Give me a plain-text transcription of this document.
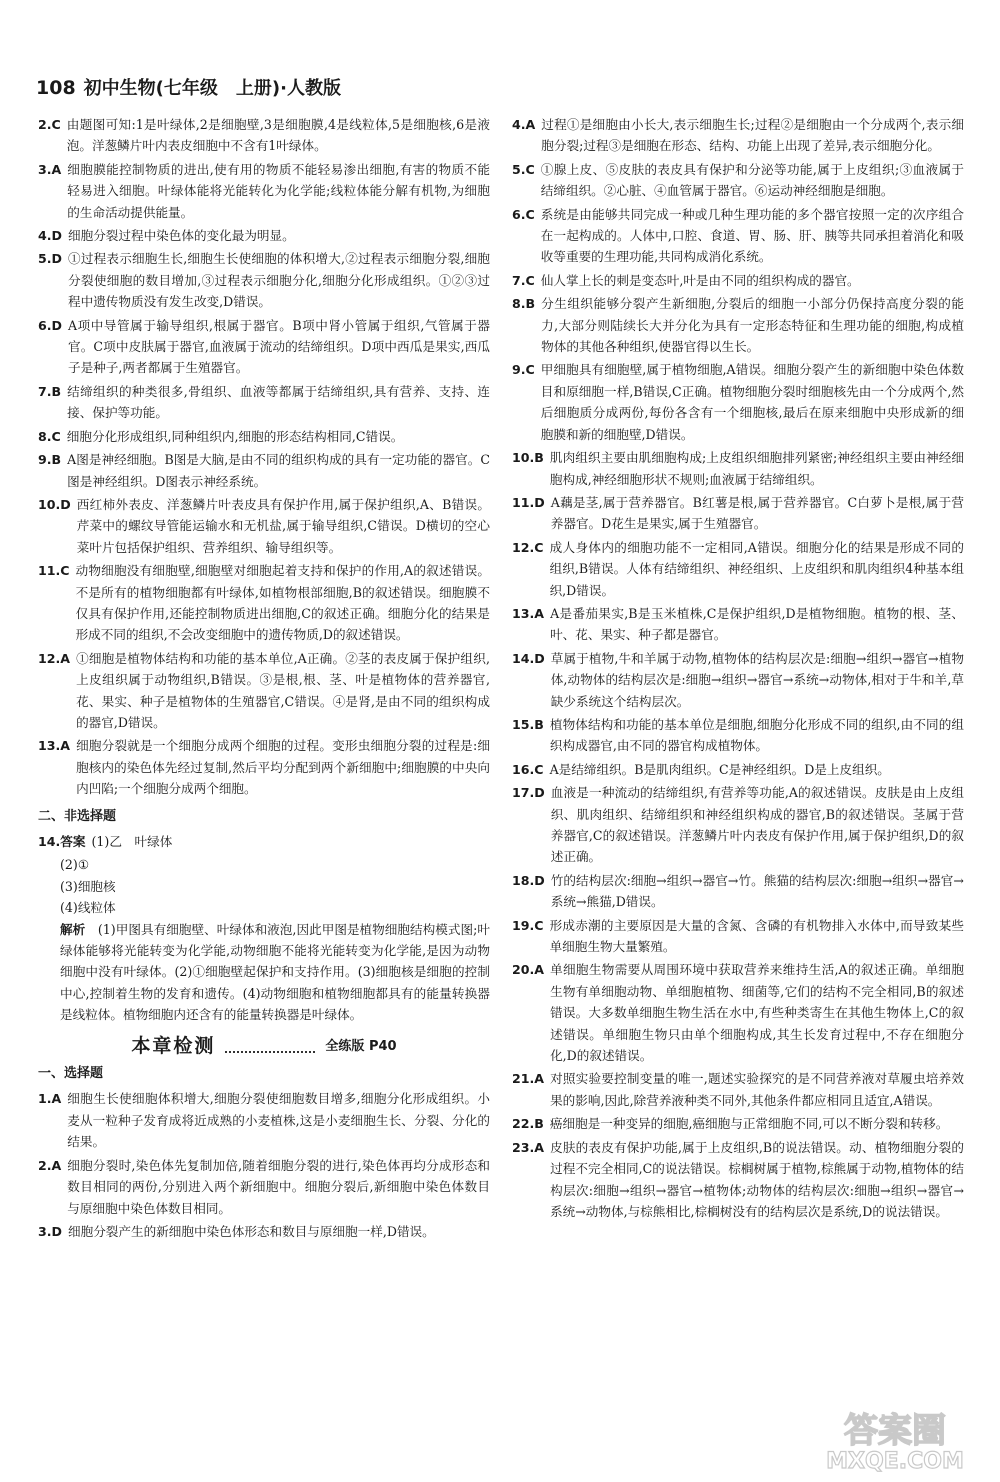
108 初中生物(七年级　上册)·人教版
2.C 由题图可知:1是叶绿体,2是细胞壁,3是细胞膜,4是线粒体,5是细胞核,6是液泡。洋葱鳞片叶内表皮细胞中不含有1叶绿体。
3.A 细胞膜能控制物质的进出,使有用的物质不能轻易渗出细胞,有害的物质不能轻易进入细胞。叶绿体能将光能转化为化学能;线粒体能分解有机物,为细胞的生命活动提供能量。
4.D 细胞分裂过程中染色体的变化最为明显。
5.D ①过程表示细胞生长,细胞生长使细胞的体积增大,②过程表示细胞分裂,细胞分裂使细胞的数目增加,③过程表示细胞分化,细胞分化形成组织。①②③过程中遗传物质没有发生改变,D错误。
6.D A项中导管属于输导组织,根属于器官。B项中肾小管属于组织,气管属于器官。C项中皮肤属于器官,血液属于流动的结缔组织。D项中西瓜是果实,西瓜子是种子,两者都属于生殖器官。
7.B 结缔组织的种类很多,骨组织、血液等都属于结缔组织,具有营养、支持、连接、保护等功能。
8.C 细胞分化形成组织,同种组织内,细胞的形态结构相同,C错误。
9.B A图是神经细胞。B图是大脑,是由不同的组织构成的具有一定功能的器官。C图是神经组织。D图表示神经系统。
10.D 西红柿外表皮、洋葱鳞片叶表皮具有保护作用,属于保护组织,A、B错误。芹菜中的螺纹导管能运输水和无机盐,属于输导组织,C错误。D横切的空心菜叶片包括保护组织、营养组织、输导组织等。
11.C 动物细胞没有细胞壁,细胞壁对细胞起着支持和保护的作用,A的叙述错误。不是所有的植物细胞都有叶绿体,如植物根部细胞,B的叙述错误。细胞膜不仅具有保护作用,还能控制物质进出细胞,C的叙述正确。细胞分化的结果是形成不同的组织,不会改变细胞中的遗传物质,D的叙述错误。
12.A ①细胞是植物体结构和功能的基本单位,A正确。②茎的表皮属于保护组织,上皮组织属于动物组织,B错误。③是根,根、茎、叶是植物体的营养器官,花、果实、种子是植物体的生殖器官,C错误。④是肾,是由不同的组织构成的器官,D错误。
13.A 细胞分裂就是一个细胞分成两个细胞的过程。变形虫细胞分裂的过程是:细胞核内的染色体先经过复制,然后平均分配到两个新细胞中;细胞膜的中央向内凹陷;一个细胞分成两个细胞。
二、非选择题
14.答案 (1)乙　叶绿体
(2)①
(3)细胞核
(4)线粒体
解析　 (1)甲图具有细胞壁、叶绿体和液泡,因此甲图是植物细胞结构模式图;叶绿体能够将光能转变为化学能,动物细胞不能将光能转变为化学能,是因为动物细胞中没有叶绿体。(2)①细胞壁起保护和支持作用。(3)细胞核是细胞的控制中心,控制着生物的发育和遗传。(4)动物细胞和植物细胞都具有的能量转换器是线粒体。植物细胞内还含有的能量转换器是叶绿体。
本章检测	全练版 P40
一、选择题
1.A 细胞生长使细胞体积增大,细胞分裂使细胞数目增多,细胞分化形成组织。小麦从一粒种子发育成将近成熟的小麦植株,这是小麦细胞生长、分裂、分化的结果。
2.A 细胞分裂时,染色体先复制加倍,随着细胞分裂的进行,染色体再均分成形态和数目相同的两份,分别进入两个新细胞中。细胞分裂后,新细胞中染色体数目与原细胞中染色体数目相同。
3.D 细胞分裂产生的新细胞中染色体形态和数目与原细胞一样,D错误。
4.A 过程①是细胞由小长大,表示细胞生长;过程②是细胞由一个分成两个,表示细胞分裂;过程③是细胞在形态、结构、功能上出现了差异,表示细胞分化。
5.C ①腺上皮、⑤皮肤的表皮具有保护和分泌等功能,属于上皮组织;③血液属于结缔组织。②心脏、④血管属于器官。⑥运动神经细胞是细胞。
6.C 系统是由能够共同完成一种或几种生理功能的多个器官按照一定的次序组合在一起构成的。人体中,口腔、食道、胃、肠、肝、胰等共同承担着消化和吸收等重要的生理功能,共同构成消化系统。
7.C 仙人掌上长的刺是变态叶,叶是由不同的组织构成的器官。
8.B 分生组织能够分裂产生新细胞,分裂后的细胞一小部分仍保持高度分裂的能力,大部分则陆续长大并分化为具有一定形态特征和生理功能的细胞,构成植物体的其他各种组织,使器官得以生长。
9.C 甲细胞具有细胞壁,属于植物细胞,A错误。细胞分裂产生的新细胞中染色体数目和原细胞一样,B错误,C正确。植物细胞分裂时细胞核先由一个分成两个,然后细胞质分成两份,每份各含有一个细胞核,最后在原来细胞中央形成新的细胞膜和新的细胞壁,D错误。
10.B 肌肉组织主要由肌细胞构成;上皮组织细胞排列紧密;神经组织主要由神经细胞构成,神经细胞形状不规则;血液属于结缔组织。
11.D A藕是茎,属于营养器官。B红薯是根,属于营养器官。C白萝卜是根,属于营养器官。D花生是果实,属于生殖器官。
12.C 成人身体内的细胞功能不一定相同,A错误。细胞分化的结果是形成不同的组织,B错误。人体有结缔组织、神经组织、上皮组织和肌肉组织4种基本组织,D错误。
13.A A是番茄果实,B是玉米植株,C是保护组织,D是植物细胞。植物的根、茎、叶、花、果实、种子都是器官。
14.D 草属于植物,牛和羊属于动物,植物体的结构层次是:细胞→组织→器官→植物体,动物体的结构层次是:细胞→组织→器官→系统→动物体,相对于牛和羊,草缺少系统这个结构层次。
15.B 植物体结构和功能的基本单位是细胞,细胞分化形成不同的组织,由不同的组织构成器官,由不同的器官构成植物体。
16.C A是结缔组织。B是肌肉组织。C是神经组织。D是上皮组织。
17.D 血液是一种流动的结缔组织,有营养等功能,A的叙述错误。皮肤是由上皮组织、肌肉组织、结缔组织和神经组织构成的器官,B的叙述错误。茎属于营养器官,C的叙述错误。洋葱鳞片叶内表皮有保护作用,属于保护组织,D的叙述正确。
18.D 竹的结构层次:细胞→组织→器官→竹。熊猫的结构层次:细胞→组织→器官→系统→熊猫,D错误。
19.C 形成赤潮的主要原因是大量的含氮、含磷的有机物排入水体中,而导致某些单细胞生物大量繁殖。
20.A 单细胞生物需要从周围环境中获取营养来维持生活,A的叙述正确。单细胞生物有单细胞动物、单细胞植物、细菌等,它们的结构不完全相同,B的叙述错误。大多数单细胞生物生活在水中,有些种类寄生在其他生物体上,C的叙述错误。单细胞生物只由单个细胞构成,其生长发育过程中,不存在细胞分化,D的叙述错误。
21.A 对照实验要控制变量的唯一,题述实验探究的是不同营养液对草履虫培养效果的影响,因此,除营养液种类不同外,其他条件都应相同且适宜,A错误。
22.B 癌细胞是一种变异的细胞,癌细胞与正常细胞不同,可以不断分裂和转移。
23.A 皮肤的表皮有保护功能,属于上皮组织,B的说法错误。动、植物细胞分裂的过程不完全相同,C的说法错误。棕榈树属于植物,棕熊属于动物,植物体的结构层次:细胞→组织→器官→植物体;动物体的结构层次:细胞→组织→器官→系统→动物体,与棕熊相比,棕榈树没有的结构层次是系统,D的说法错误。
答案圈
MXQE.COM
